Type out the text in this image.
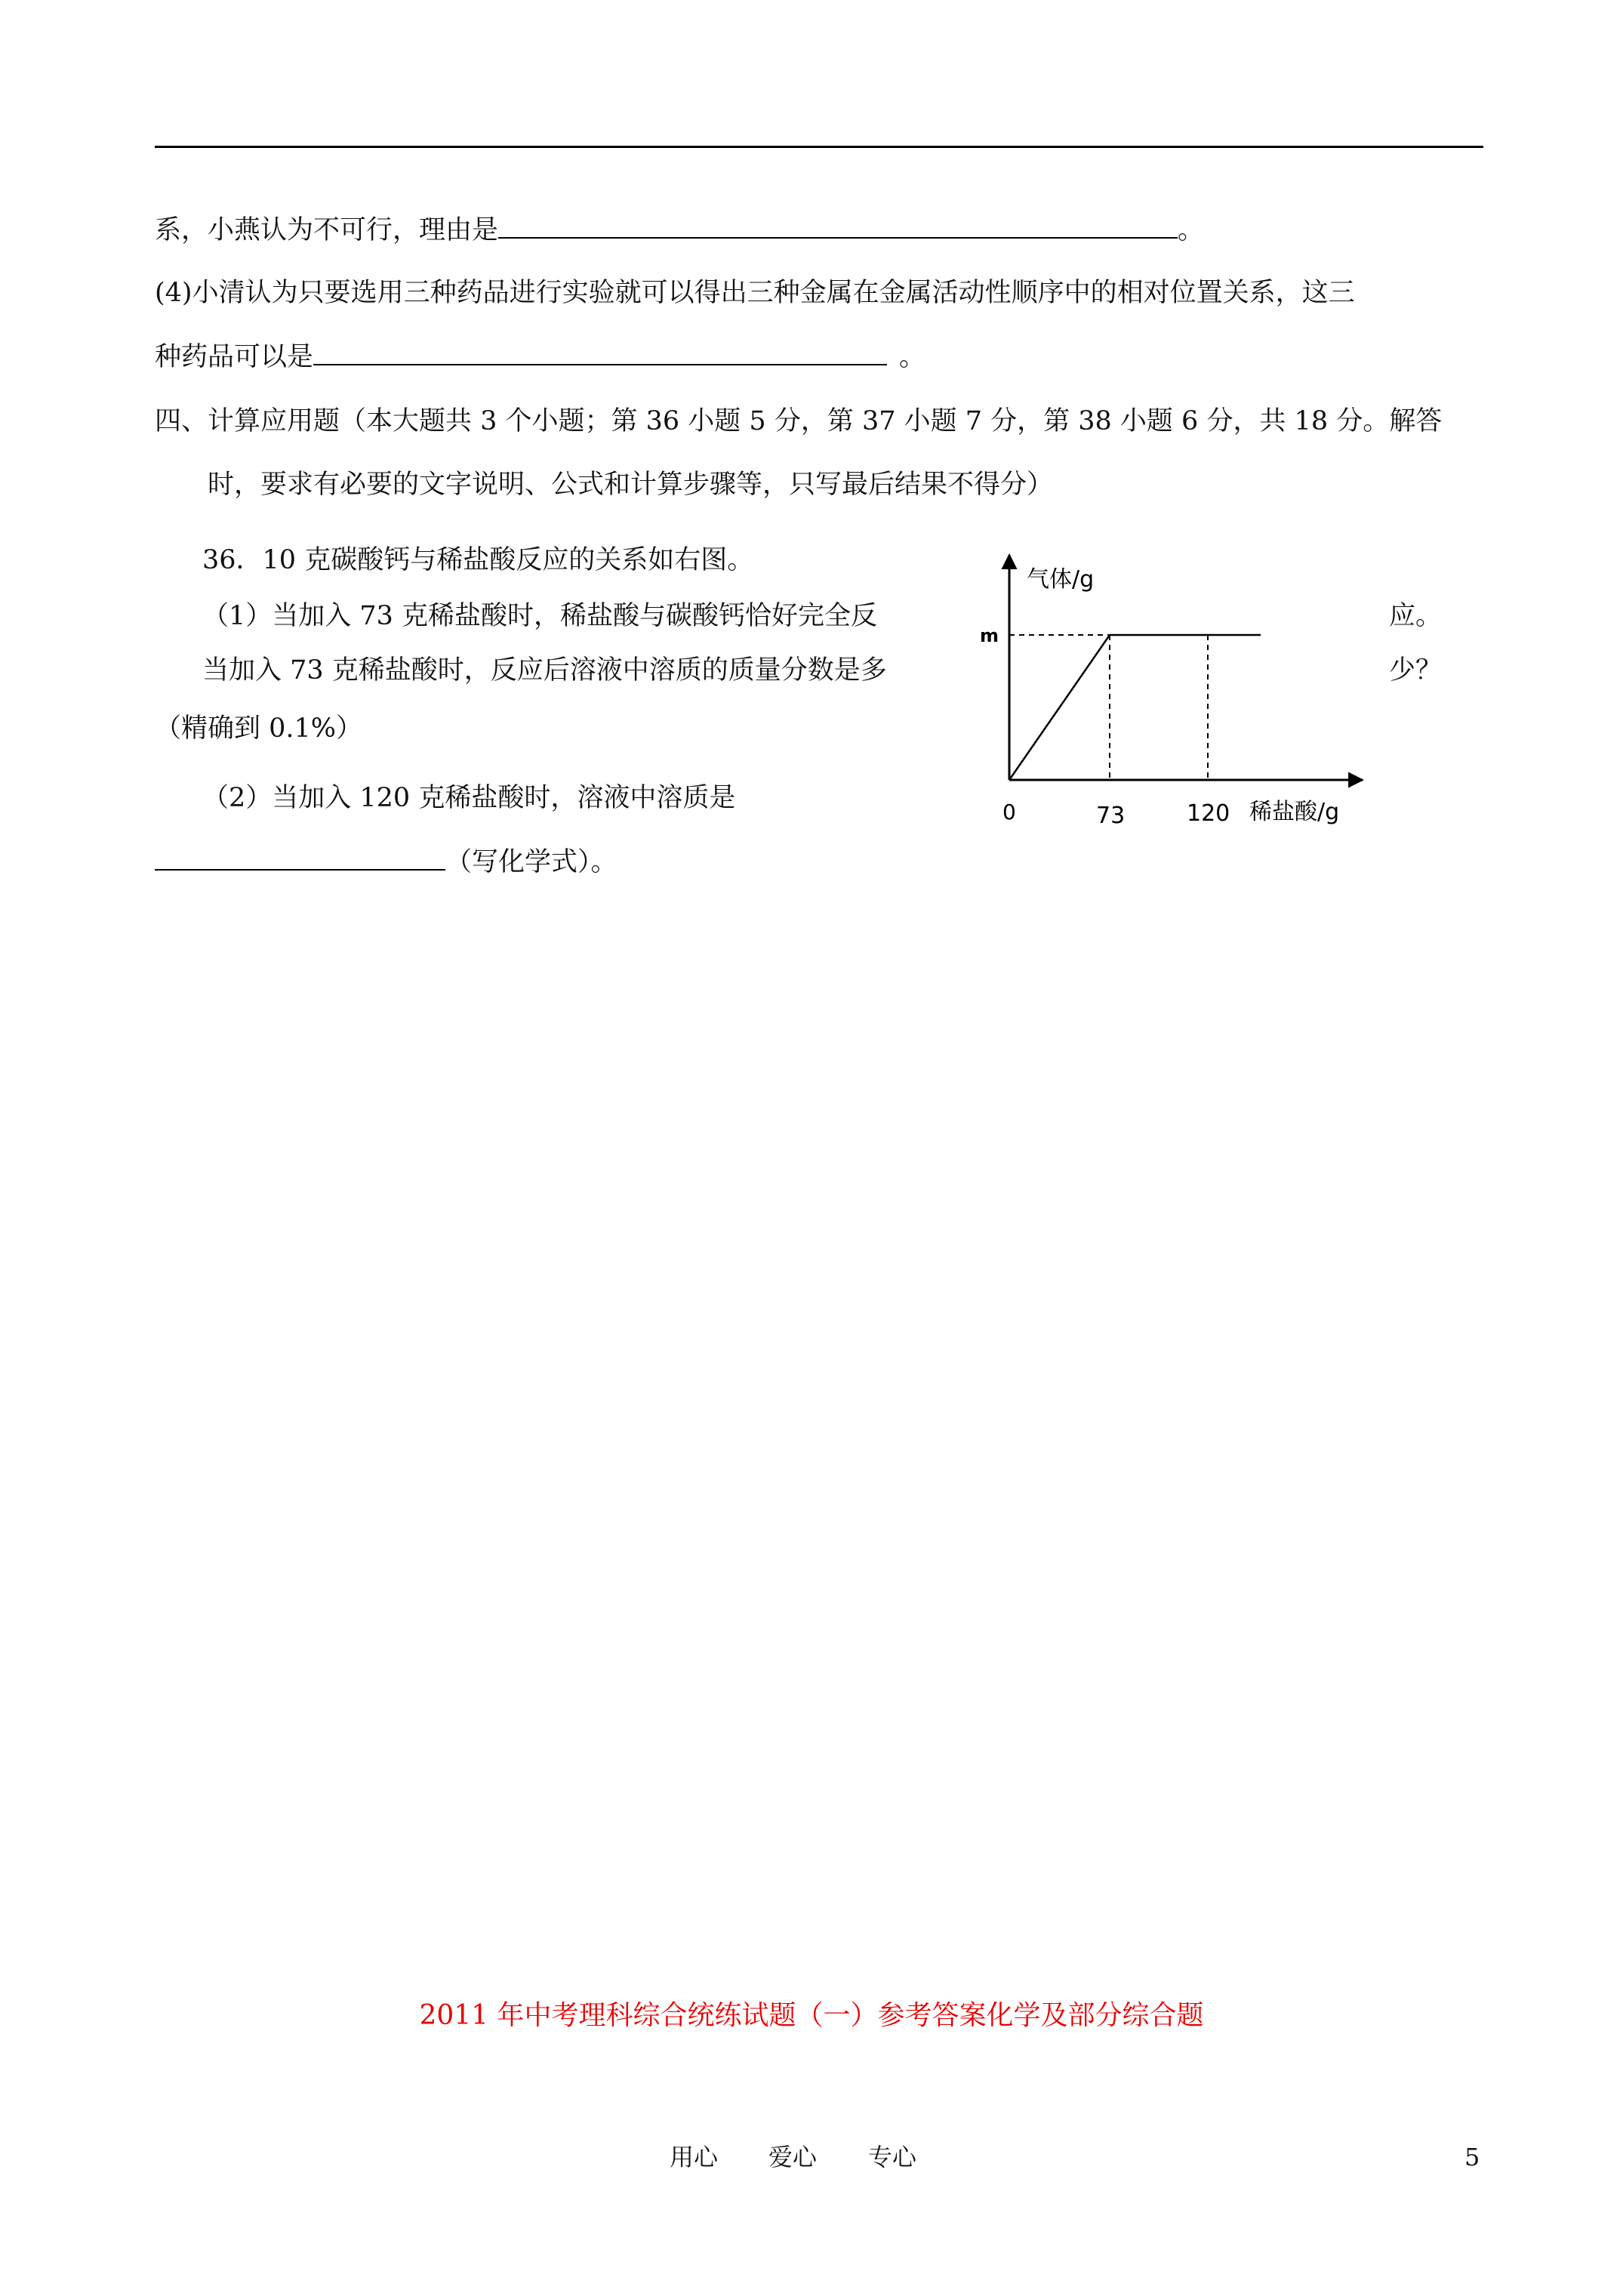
系，小燕认为不可行，理由是	。
(4)小清认为只要选用三种药品进行实验就可以得出三种金属在金属活动性顺序中的相对位置关系，这三
种药品可以是	。
四、计算应用题（本大题共 3 个小题；第 36 小题 5 分，第 37 小题 7 分，第 38 小题 6 分，共 18 分。解答
时，要求有必要的文字说明、公式和计算步骤等，只写最后结果不得分）
36．10 克碳酸钙与稀盐酸反应的关系如右图。
（1）当加入 73 克稀盐酸时，稀盐酸与碳酸钙恰好完全反	应。
当加入 73 克稀盐酸时，反应后溶液中溶质的质量分数是多	少？
（精确到 0.1%）
（2）当加入 120 克稀盐酸时，溶液中溶质是
（写化学式）。
气体/g
m
0	73	120 稀盐酸/g
2011 年中考理科综合统练试题（一）参考答案化学及部分综合题
用心 爱心 专心	5
